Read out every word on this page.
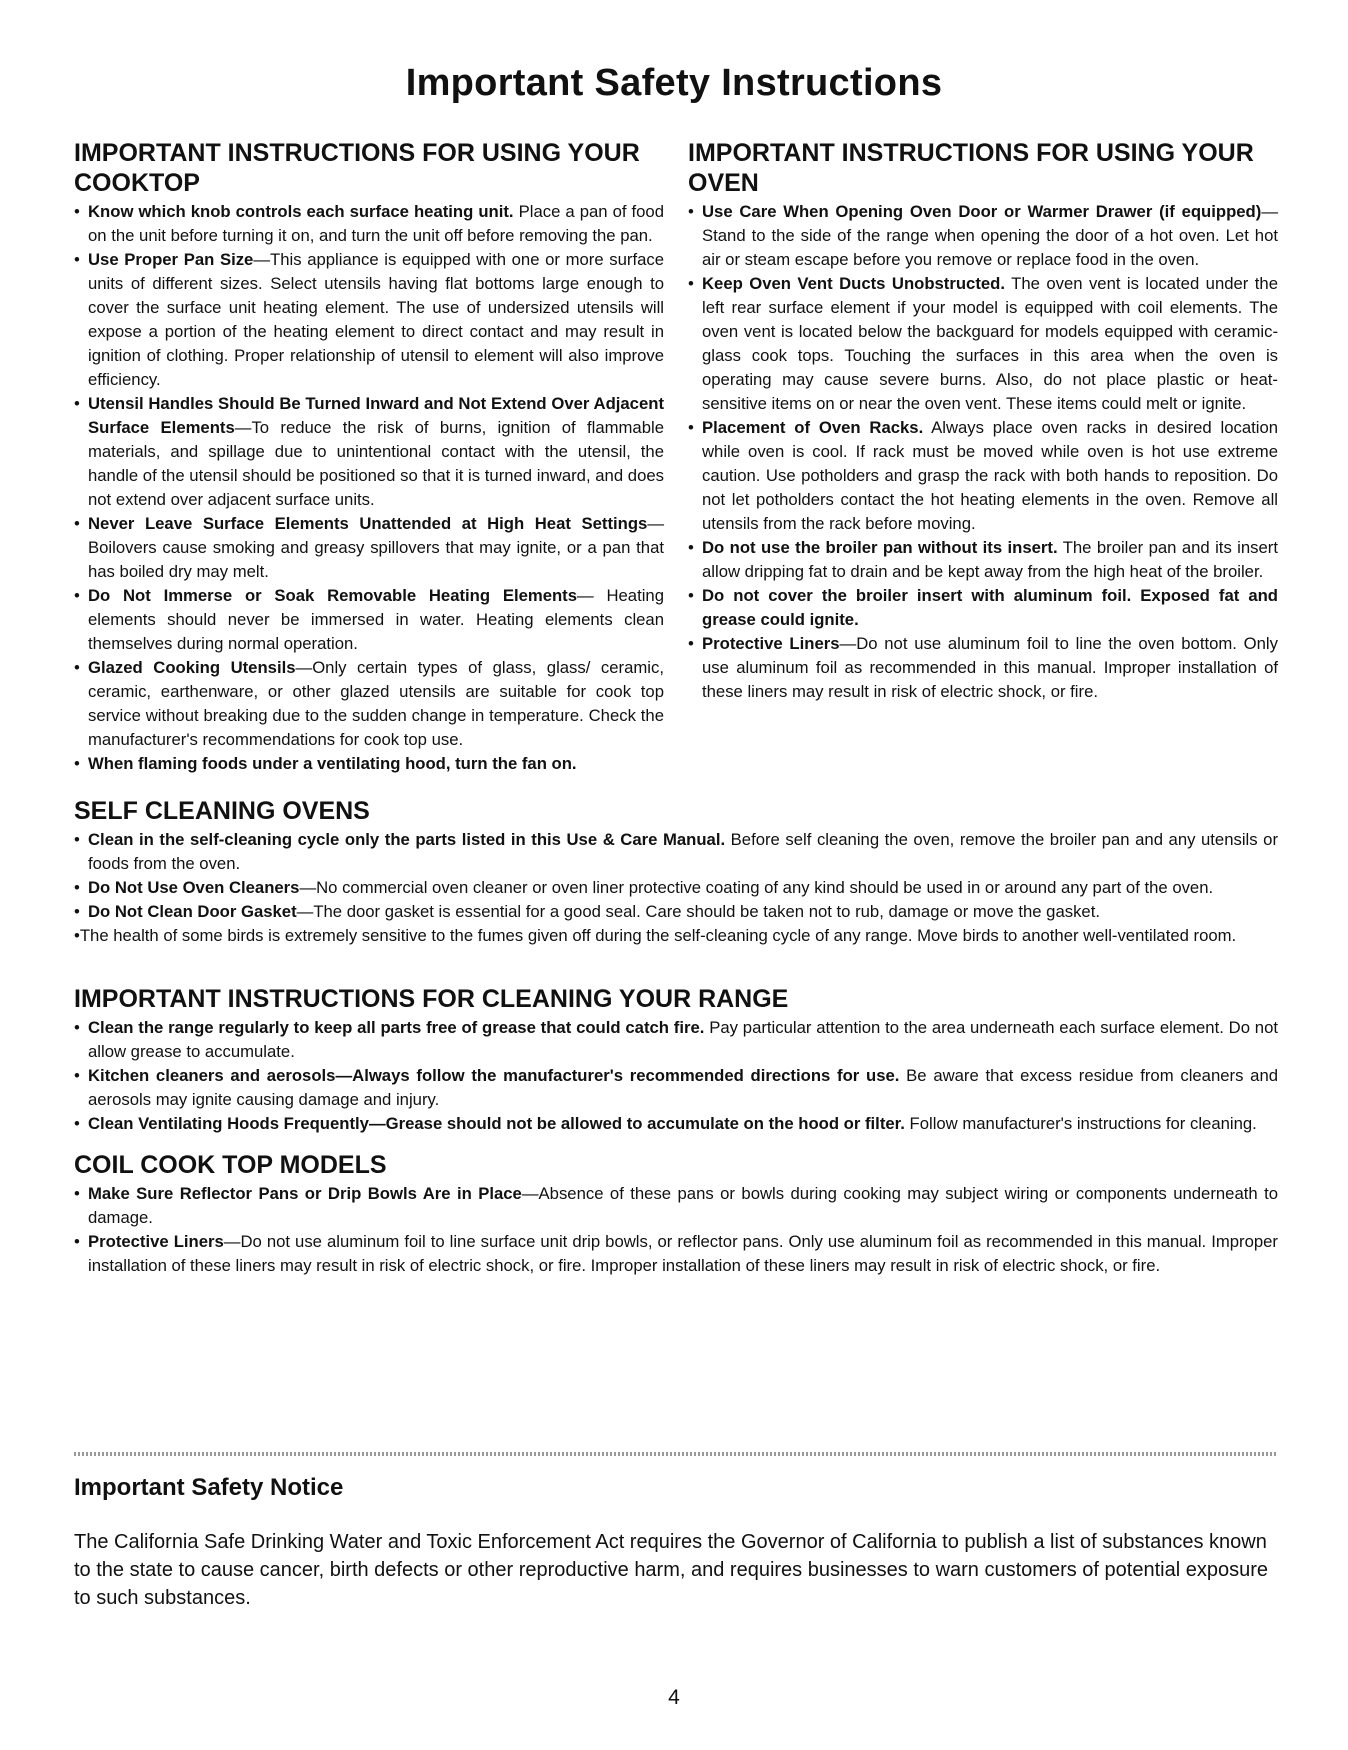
Important Safety Instructions
IMPORTANT INSTRUCTIONS FOR USING YOUR COOKTOP
• Know which knob controls each surface heating unit. Place a pan of food on the unit before turning it on, and turn the unit off before removing the pan.
• Use Proper Pan Size—This appliance is equipped with one or more surface units of different sizes. Select utensils having flat bottoms large enough to cover the surface unit heating element. The use of undersized utensils will expose a portion of the heating element to direct contact and may result in ignition of clothing. Proper relationship of utensil to element will also improve efficiency.
• Utensil Handles Should Be Turned Inward and Not Extend Over Adjacent Surface Elements—To reduce the risk of burns, ignition of flammable materials, and spillage due to unintentional contact with the utensil, the handle of the utensil should be positioned so that it is turned inward, and does not extend over adjacent surface units.
• Never Leave Surface Elements Unattended at High Heat Settings—Boilovers cause smoking and greasy spillovers that may ignite, or a pan that has boiled dry may melt.
• Do Not Immerse or Soak Removable Heating Elements— Heating elements should never be immersed in water. Heating elements clean themselves during normal operation.
• Glazed Cooking Utensils—Only certain types of glass, glass/ ceramic, ceramic, earthenware, or other glazed utensils are suitable for cook top service without breaking due to the sudden change in temperature. Check the manufacturer's recommendations for cook top use.
• When flaming foods under a ventilating hood, turn the fan on.
IMPORTANT INSTRUCTIONS FOR USING YOUR OVEN
• Use Care When Opening Oven Door or Warmer Drawer (if equipped)—Stand to the side of the range when opening the door of a hot oven. Let hot air or steam escape before you remove or replace food in the oven.
• Keep Oven Vent Ducts Unobstructed. The oven vent is located under the left rear surface element if your model is equipped with coil elements. The oven vent is located below the backguard for models equipped with ceramic-glass cook tops. Touching the surfaces in this area when the oven is operating may cause severe burns. Also, do not place plastic or heat-sensitive items on or near the oven vent. These items could melt or ignite.
• Placement of Oven Racks. Always place oven racks in desired location while oven is cool. If rack must be moved while oven is hot use extreme caution. Use potholders and grasp the rack with both hands to reposition. Do not let potholders contact the hot heating elements in the oven. Remove all utensils from the rack before moving.
• Do not use the broiler pan without its insert. The broiler pan and its insert allow dripping fat to drain and be kept away from the high heat of the broiler.
• Do not cover the broiler insert with aluminum foil. Exposed fat and grease could ignite.
• Protective Liners—Do not use aluminum foil to line the oven bottom. Only use aluminum foil as recommended in this manual. Improper installation of these liners may result in risk of electric shock, or fire.
SELF CLEANING OVENS
• Clean in the self-cleaning cycle only the parts listed in this Use & Care Manual. Before self cleaning the oven, remove the broiler pan and any utensils or foods from the oven.
• Do Not Use Oven Cleaners—No commercial oven cleaner or oven liner protective coating of any kind should be used in or around any part of the oven.
• Do Not Clean Door Gasket—The door gasket is essential for a good seal. Care should be taken not to rub, damage or move the gasket.
•The health of some birds is extremely sensitive to the fumes given off during the self-cleaning cycle of any range. Move birds to another well-ventilated room.
IMPORTANT INSTRUCTIONS FOR CLEANING YOUR RANGE
• Clean the range regularly to keep all parts free of grease that could catch fire. Pay particular attention to the area underneath each surface element. Do not allow grease to accumulate.
• Kitchen cleaners and aerosols—Always follow the manufacturer's recommended directions for use. Be aware that excess residue from cleaners and aerosols may ignite causing damage and injury.
• Clean Ventilating Hoods Frequently—Grease should not be allowed to accumulate on the hood or filter. Follow manufacturer's instructions for cleaning.
COIL COOK TOP MODELS
• Make Sure Reflector Pans or Drip Bowls Are in Place—Absence of these pans or bowls during cooking may subject wiring or components underneath to damage.
• Protective Liners—Do not use aluminum foil to line surface unit drip bowls, or reflector pans. Only use aluminum foil as recommended in this manual. Improper installation of these liners may result in risk of electric shock, or fire. Improper installation of these liners may result in risk of electric shock, or fire.
Important Safety Notice

The California Safe Drinking Water and Toxic Enforcement Act requires the Governor of California to publish a list of substances known to the state to cause cancer, birth defects or other reproductive harm, and requires businesses to warn customers of potential exposure to such substances.

4
